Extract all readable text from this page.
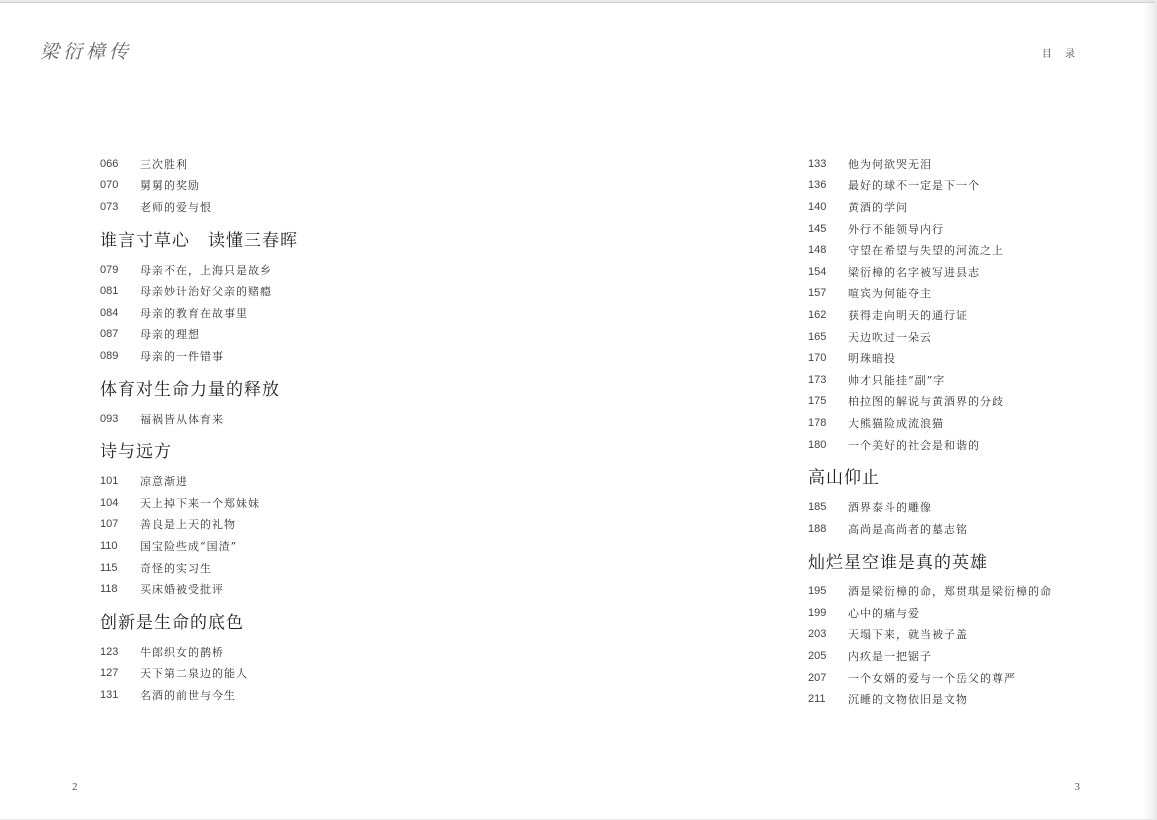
梁衍樟传
066	三次胜利
070	舅舅的奖励
073	老师的爱与恨
谁言寸草心　读懂三春晖
079	母亲不在，上海只是故乡
081	母亲妙计治好父亲的赌瘾
084	母亲的教育在故事里
087	母亲的理想
089	母亲的一件错事
体育对生命力量的释放
093	福祸皆从体育来
诗与远方
101	凉意渐进
104	天上掉下来一个郑妹妹
107	善良是上天的礼物
110	国宝险些成“国渣”
115	奇怪的实习生
118	买床婚被受批评
创新是生命的底色
123	牛郎织女的鹊桥
127	天下第二泉边的能人
131	名酒的前世与今生
2
目 录
133	他为何欲哭无泪
136	最好的球不一定是下一个
140	黄酒的学问
145	外行不能领导内行
148	守望在希望与失望的河流之上
154	梁衍樟的名字被写进县志
157	喧宾为何能夺主
162	获得走向明天的通行证
165	天边吹过一朵云
170	明珠暗投
173	帅才只能挂“副”字
175	柏拉图的解说与黄酒界的分歧
178	大熊猫险成流浪猫
180	一个美好的社会是和谐的
高山仰止
185	酒界泰斗的雕像
188	高尚是高尚者的墓志铭
灿烂星空谁是真的英雄
195	酒是梁衍樟的命，郑贯琪是梁衍樟的命
199	心中的痛与爱
203	天塌下来，就当被子盖
205	内疚是一把锯子
207	一个女婿的爱与一个岳父的尊严
211	沉睡的文物依旧是文物
3
